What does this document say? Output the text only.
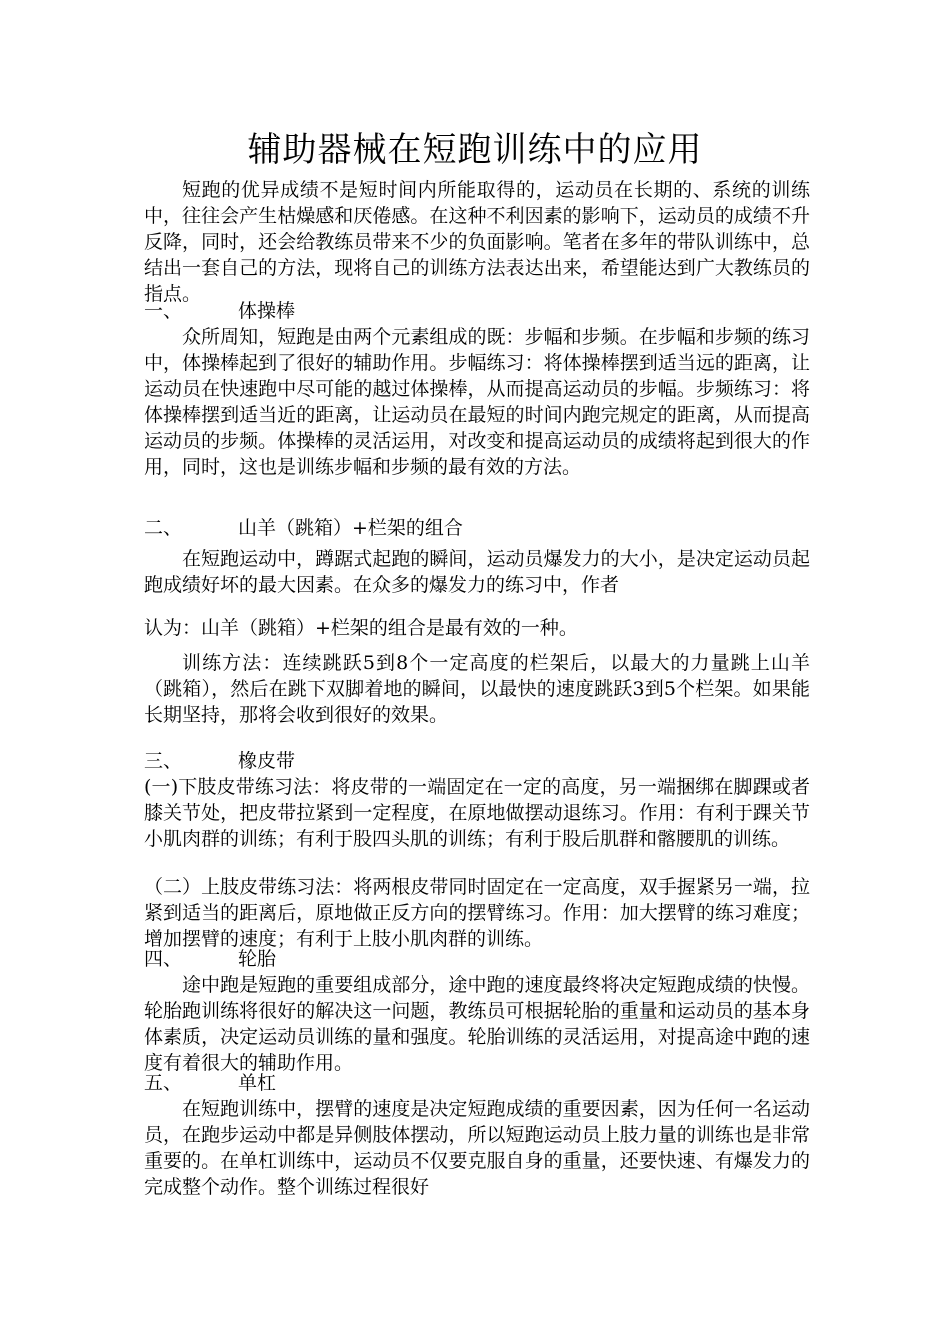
辅助器械在短跑训练中的应用

短跑的优异成绩不是短时间内所能取得的，运动员在长期的、系统的训练中，往往会产生枯燥感和厌倦感。在这种不利因素的影响下，运动员的成绩不升反降，同时，还会给教练员带来不少的负面影响。笔者在多年的带队训练中，总结出一套自己的方法，现将自己的训练方法表达出来，希望能达到广大教练员的指点。

一、	体操棒

众所周知，短跑是由两个元素组成的既：步幅和步频。在步幅和步频的练习中，体操棒起到了很好的辅助作用。步幅练习：将体操棒摆到适当远的距离，让运动员在快速跑中尽可能的越过体操棒，从而提高运动员的步幅。步频练习：将体操棒摆到适当近的距离，让运动员在最短的时间内跑完规定的距离，从而提高运动员的步频。体操棒的灵活运用，对改变和提高运动员的成绩将起到很大的作用，同时，这也是训练步幅和步频的最有效的方法。

二、	山羊（跳箱）+栏架的组合

在短跑运动中，蹲踞式起跑的瞬间，运动员爆发力的大小，是决定运动员起跑成绩好坏的最大因素。在众多的爆发力的练习中，作者

认为：山羊（跳箱）+栏架的组合是最有效的一种。

训练方法：连续跳跃5到8个一定高度的栏架后，以最大的力量跳上山羊（跳箱），然后在跳下双脚着地的瞬间，以最快的速度跳跃3到5个栏架。如果能长期坚持，那将会收到很好的效果。

三、	橡皮带

(一)下肢皮带练习法：将皮带的一端固定在一定的高度，另一端捆绑在脚踝或者膝关节处，把皮带拉紧到一定程度，在原地做摆动退练习。作用：有利于踝关节小肌肉群的训练；有利于股四头肌的训练；有利于股后肌群和髂腰肌的训练。

（二）上肢皮带练习法：将两根皮带同时固定在一定高度，双手握紧另一端，拉紧到适当的距离后，原地做正反方向的摆臂练习。作用：加大摆臂的练习难度；增加摆臂的速度；有利于上肢小肌肉群的训练。

四、	轮胎

途中跑是短跑的重要组成部分，途中跑的速度最终将决定短跑成绩的快慢。轮胎跑训练将很好的解决这一问题，教练员可根据轮胎的重量和运动员的基本身体素质，决定运动员训练的量和强度。轮胎训练的灵活运用，对提高途中跑的速度有着很大的辅助作用。

五、	单杠

在短跑训练中，摆臂的速度是决定短跑成绩的重要因素，因为任何一名运动员，在跑步运动中都是异侧肢体摆动，所以短跑运动员上肢力量的训练也是非常重要的。在单杠训练中，运动员不仅要克服自身的重量，还要快速、有爆发力的完成整个动作。整个训练过程很好
